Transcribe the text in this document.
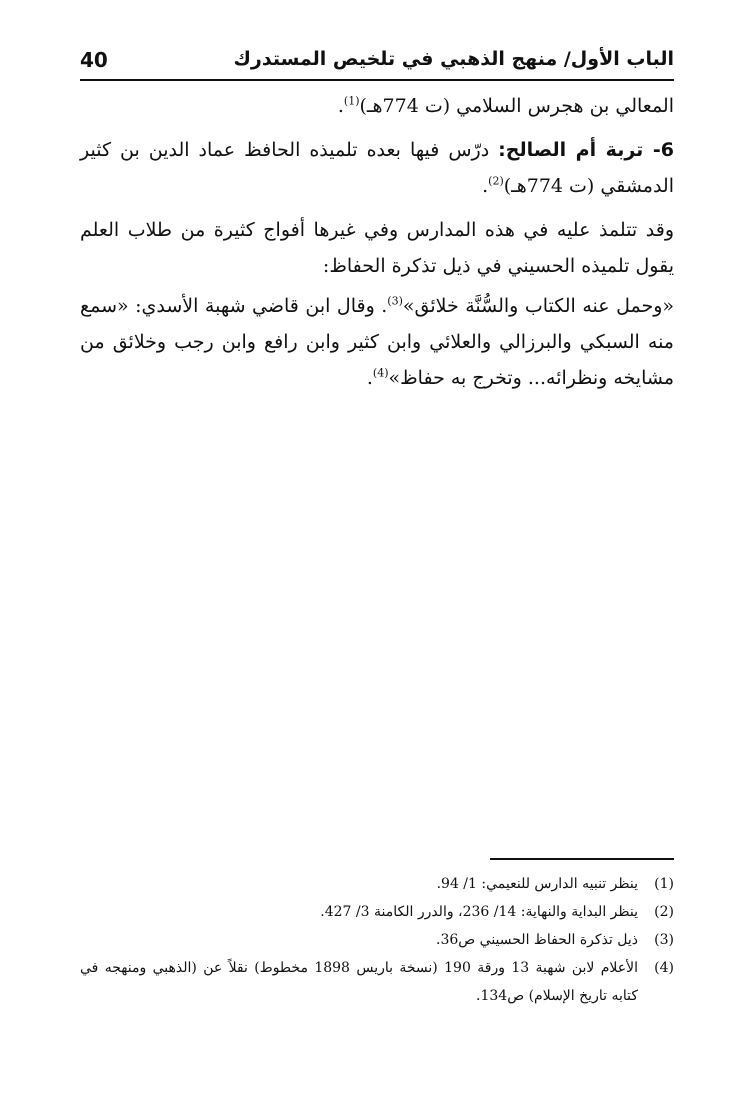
الباب الأول/ منهج الذهبي في تلخيص المستدرك
40

المعالي بن هجرس السلامي (ت 774هـ)$^{(1)}$.

6- تربة أم الصالح: درّس فيها بعده تلميذه الحافظ عماد الدين بن كثير الدمشقي (ت 774هـ)$^{(2)}$.

وقد تتلمذ عليه في هذه المدارس وفي غيرها أفواج كثيرة من طلاب العلم يقول تلميذه الحسيني في ذيل تذكرة الحفاظ:

«وحمل عنه الكتاب والسُّنَّة خلائق»$^{(3)}$. وقال ابن قاضي شهبة الأسدي: «سمع منه السبكي والبرزالي والعلائي وابن كثير وابن رافع وابن رجب وخلائق من مشايخه ونظرائه... وتخرج به حفاظ»$^{(4)}$.

(1)
ينظر تنبيه الدارس للنعيمي: 1/ 94.
(2)
ينظر البداية والنهاية: 14/ 236، والدرر الكامنة 3/ 427.
(3)
ذيل تذكرة الحفاظ الحسيني ص36.
(4)
الأعلام لابن شهبة 13 ورقة 190 (نسخة باريس 1898 مخطوط) نقلاً عن (الذهبي ومنهجه في كتابه تاريخ الإسلام) ص134.
